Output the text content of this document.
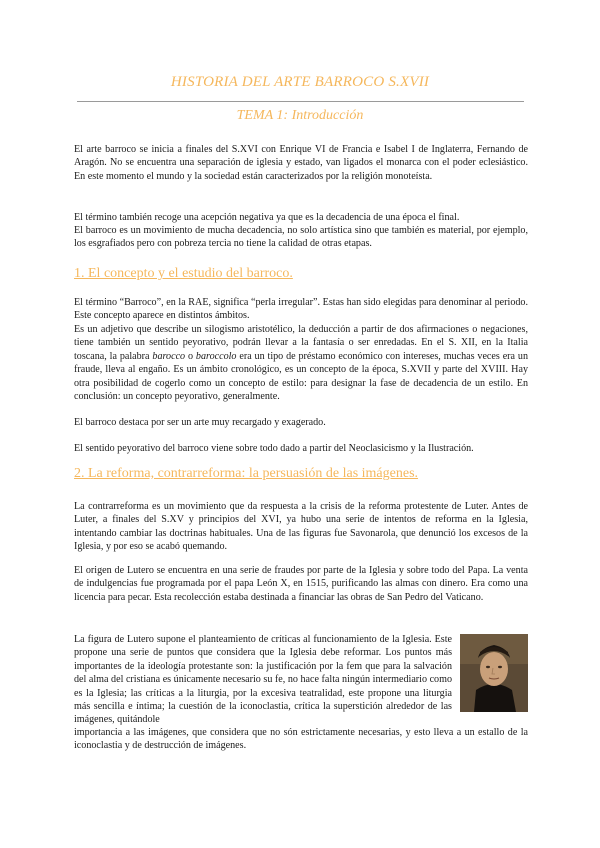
HISTORIA DEL ARTE BARROCO S.XVII
TEMA 1: Introducción

El arte barroco se inicia a finales del S.XVI con Enrique VI de Francia e Isabel I de Inglaterra, Fernando de Aragón. No se encuentra una separación de iglesia y estado, van ligados el monarca con el poder eclesiástico. En este momento el mundo y la sociedad están caracterizados por la religión monoteísta.

El término también recoge una acepción negativa ya que es la decadencia de una época el final.

El barroco es un movimiento de mucha decadencia, no solo artística sino que también es material, por ejemplo, los esgrafiados pero con pobreza tercia no tiene la calidad de otras etapas.

1. El concepto y el estudio del barroco.

El término “Barroco”, en la RAE, significa “perla irregular”. Estas han sido elegidas para denominar al periodo. Este concepto aparece en distintos ámbitos.

Es un adjetivo que describe un silogismo aristotélico, la deducción a partir de dos afirmaciones o negaciones, tiene también un sentido peyorativo, podrán llevar a la fantasía o ser enredadas. En el S. XII, en la Italia toscana, la palabra barocco o baroccolo era un tipo de préstamo económico con intereses, muchas veces era un fraude, lleva al engaño. Es un ámbito cronológico, es un concepto de la época, S.XVII y parte del XVIII. Hay otra posibilidad de cogerlo como un concepto de estilo: para designar la fase de decadencia de un estilo. En conclusión: un concepto peyorativo, generalmente.

El barroco destaca por ser un arte muy recargado y exagerado.

El sentido peyorativo del barroco viene sobre todo dado a partir del Neoclasicismo y la Ilustración.

2. La reforma, contrarreforma: la persuasión de las imágenes.

La contrarreforma es un movimiento que da respuesta a la crisis de la reforma protestente de Luter. Antes de Luter, a finales del S.XV y principios del XVI, ya hubo una serie de intentos de reforma en la Iglesia, intentando cambiar las doctrinas habituales. Una de las figuras fue Savonarola, que denunció los excesos de la Iglesia, y por eso se acabó quemando.

El origen de Lutero se encuentra en una serie de fraudes por parte de la Iglesia y sobre todo del Papa. La venta de indulgencias fue programada por el papa León X, en 1515, purificando las almas con dinero. Era como una licencia para pecar. Esta recolección estaba destinada a financiar las obras de San Pedro del Vaticano.

La figura de Lutero supone el planteamiento de críticas al funcionamiento de la Iglesia. Este propone una serie de puntos que considera que la Iglesia debe reformar. Los puntos más importantes de la ideología protestante son: la justificación por la fem que para la salvación del alma del cristiana es únicamente necesario su fe, no hace falta ningún intermediario como es la Iglesia; las críticas a la liturgia, por la excesiva teatralidad, este propone una liturgia más sencilla e íntima; la cuestión de la iconoclastia, crítica la superstición alrededor de las imágenes, quitándole

importancia a las imágenes, que considera que no són estrictamente necesarias, y esto lleva a un estallo de la iconoclastia y de destrucción de imágenes.
